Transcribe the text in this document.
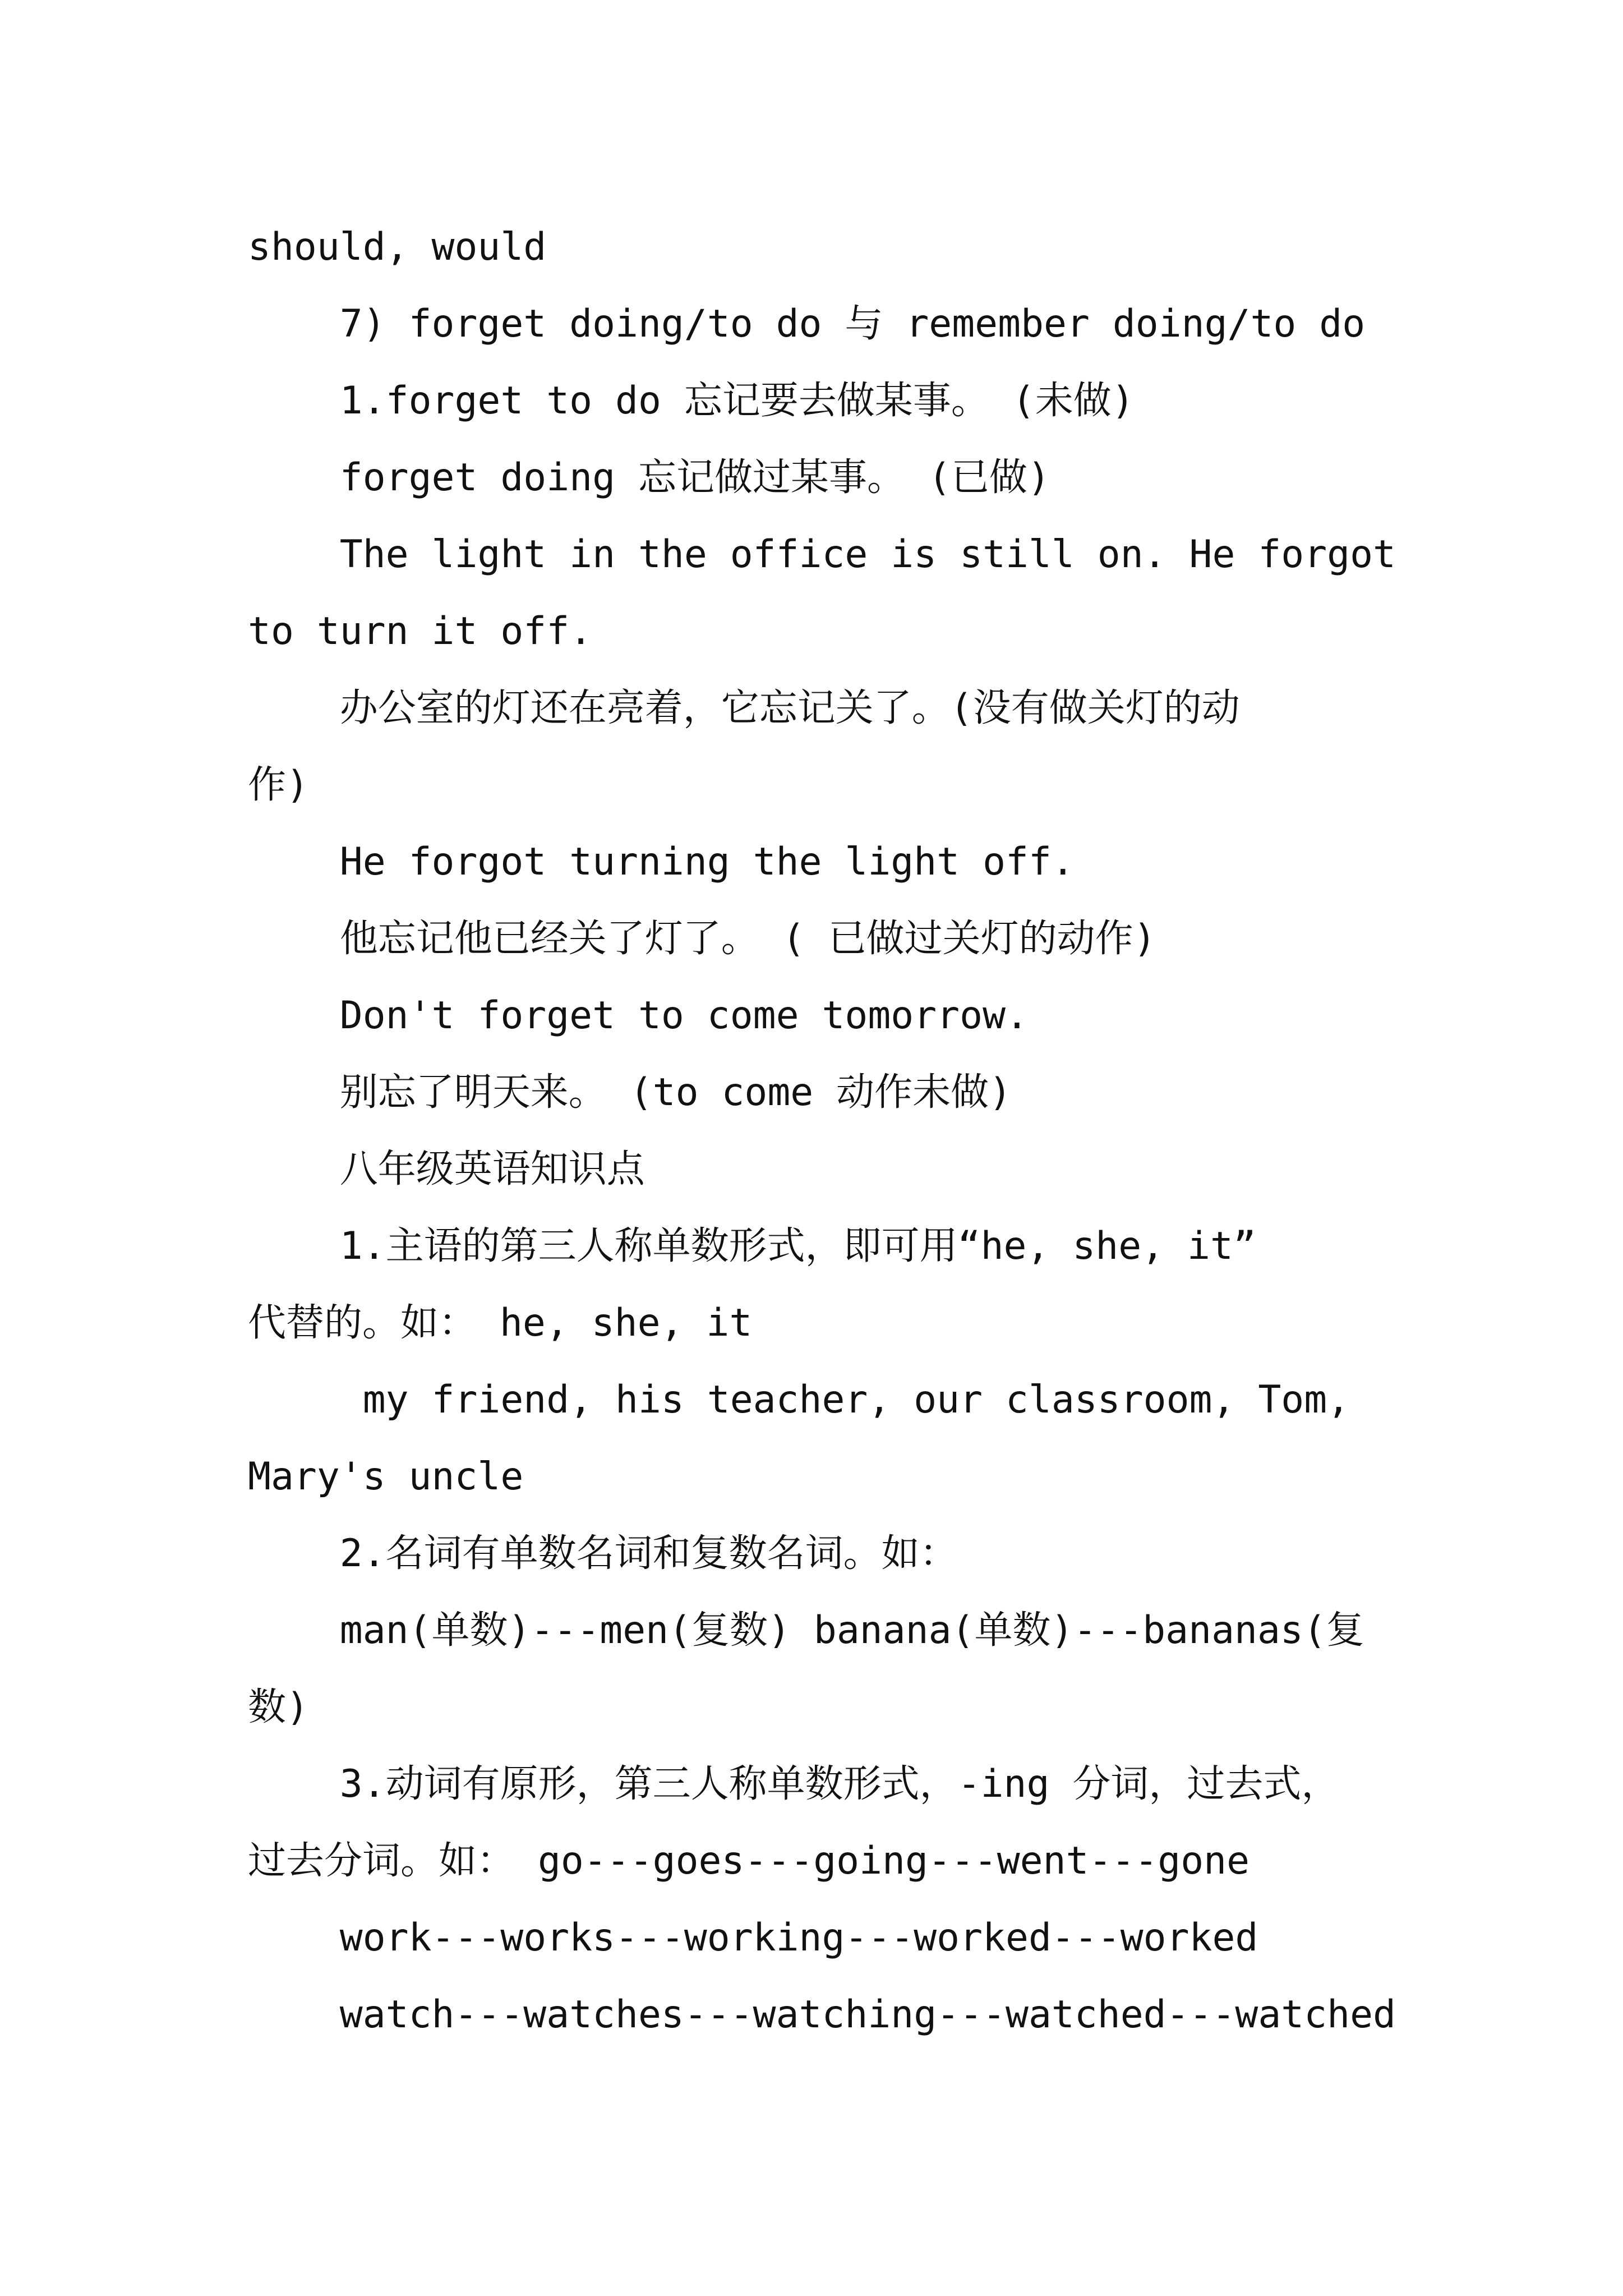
should, would
7) forget doing/to do 与 remember doing/to do
1.forget to do 忘记要去做某事。 (未做)
forget doing 忘记做过某事。 (已做)
The light in the office is still on. He forgot
to turn it off.
办公室的灯还在亮着，它忘记关了。(没有做关灯的动
作)
He forgot turning the light off.
他忘记他已经关了灯了。 ( 已做过关灯的动作)
Don't forget to come tomorrow.
别忘了明天来。 (to come 动作未做)
八年级英语知识点
1.主语的第三人称单数形式，即可用“he, she, it”
代替的。如： he, she, it
my friend, his teacher, our classroom, Tom,
Mary's uncle
2.名词有单数名词和复数名词。如：
man(单数)---men(复数) banana(单数)---bananas(复
数)
3.动词有原形，第三人称单数形式，-ing 分词，过去式，
过去分词。如： go---goes---going---went---gone
work---works---working---worked---worked
watch---watches---watching---watched---watched
